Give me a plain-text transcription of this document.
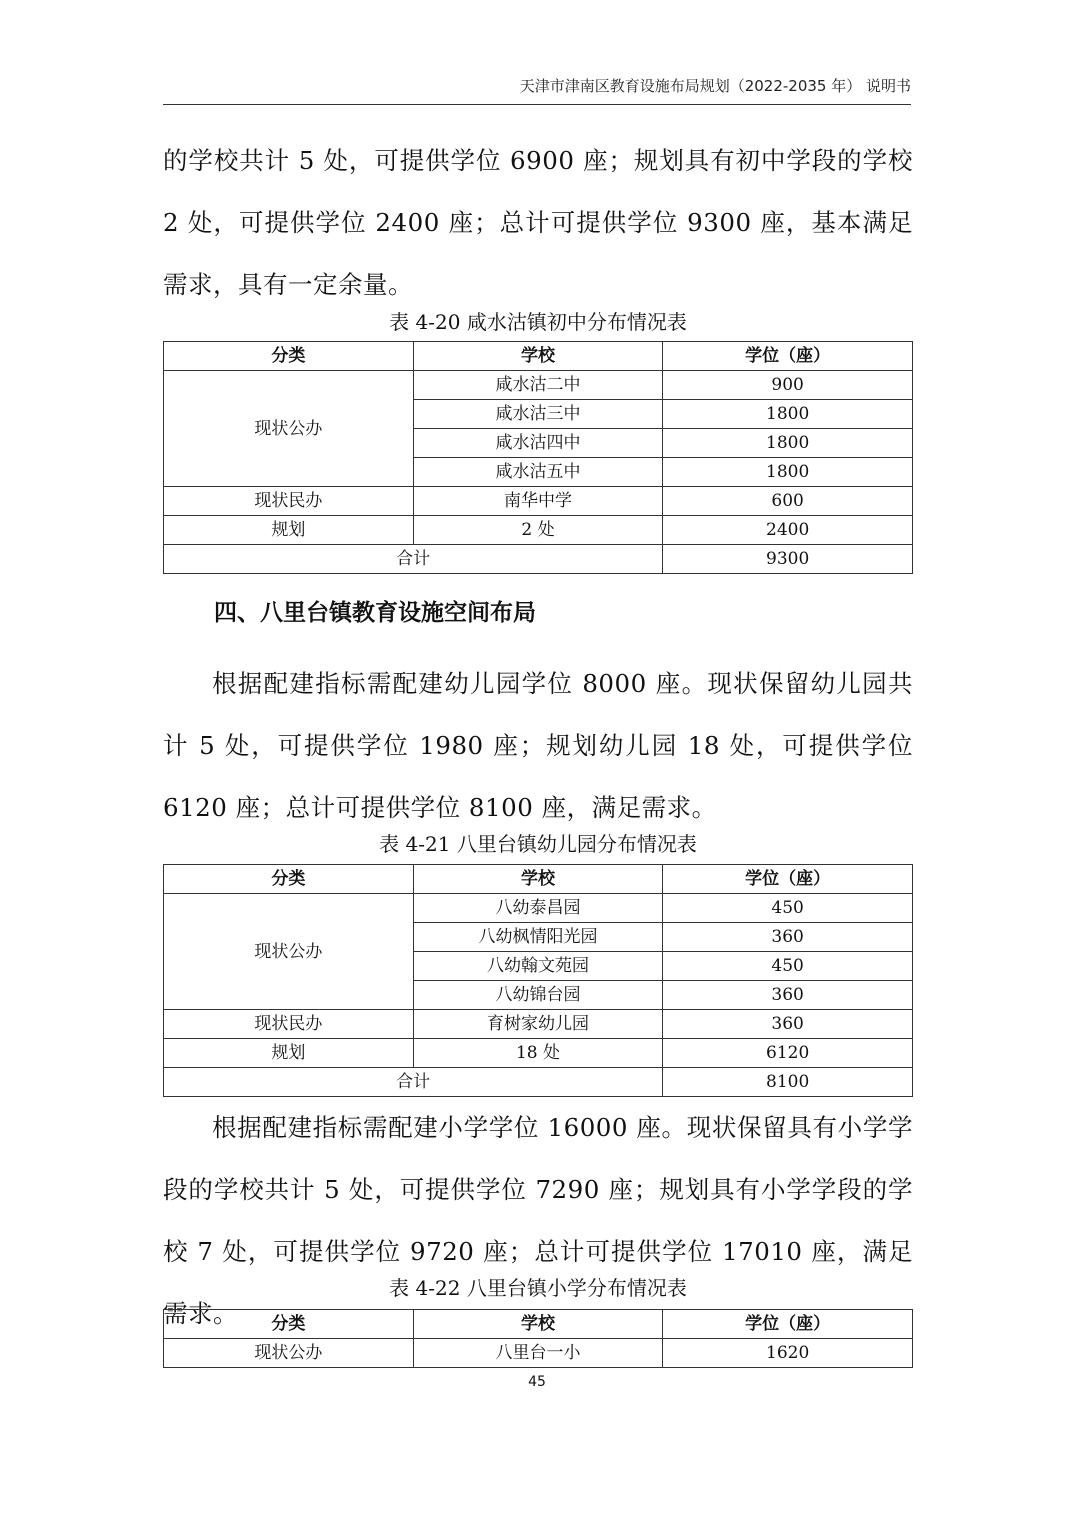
天津市津南区教育设施布局规划（2022-2035 年） 说明书

的学校共计 5 处，可提供学位 6900 座；规划具有初中学段的学校 2 处，可提供学位 2400 座；总计可提供学位 9300 座，基本满足需求，具有一定余量。

表 4-20 咸水沽镇初中分布情况表

分类	学校	学位（座）
现状公办	咸水沽二中	900
	咸水沽三中	1800
	咸水沽四中	1800
	咸水沽五中	1800
现状民办	南华中学	600
规划	2 处	2400
合计		9300
四、八里台镇教育设施空间布局

根据配建指标需配建幼儿园学位 8000 座。现状保留幼儿园共计 5 处，可提供学位 1980 座；规划幼儿园 18 处，可提供学位 6120 座；总计可提供学位 8100 座，满足需求。

表 4-21 八里台镇幼儿园分布情况表

分类	学校	学位（座）
现状公办	八幼泰昌园	450
	八幼枫情阳光园	360
	八幼翰文苑园	450
	八幼锦台园	360
现状民办	育树家幼儿园	360
规划	18 处	6120
合计		8100

根据配建指标需配建小学学位 16000 座。现状保留具有小学学段的学校共计 5 处，可提供学位 7290 座；规划具有小学学段的学校 7 处，可提供学位 9720 座；总计可提供学位 17010 座，满足需求。

表 4-22 八里台镇小学分布情况表

分类	学校	学位（座）
现状公办	八里台一小	1620
45
